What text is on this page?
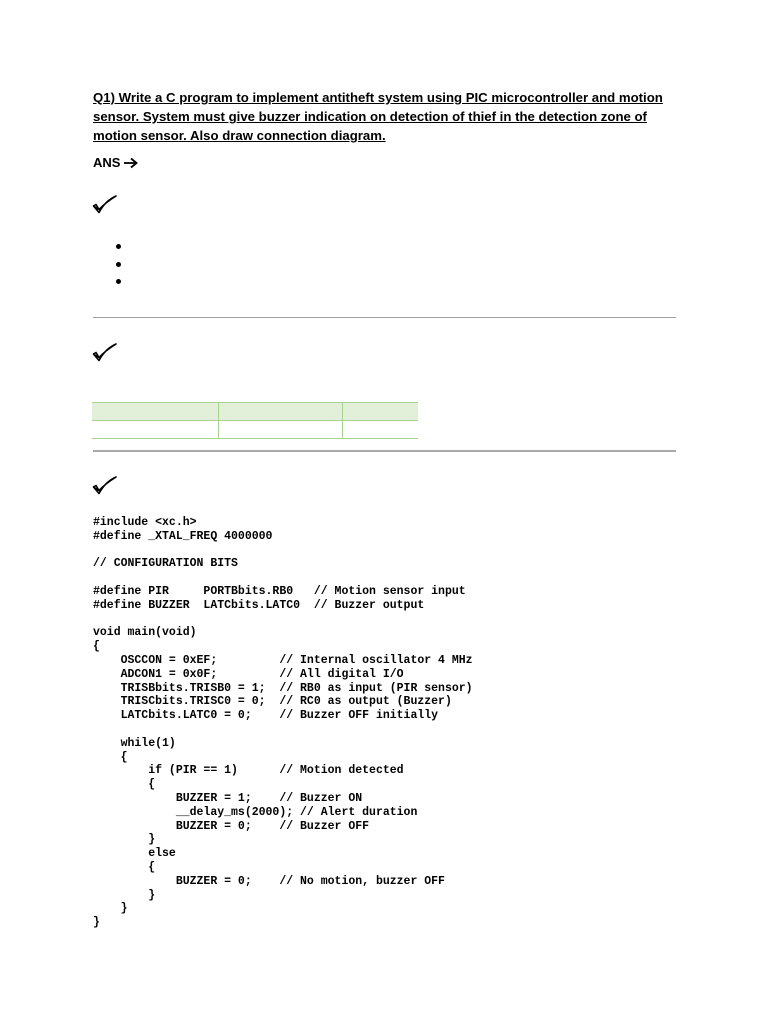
Q1) Write a C program to implement antitheft system using PIC microcontroller and motion sensor. System must give buzzer indication on detection of thief in the detection zone of motion sensor. Also draw connection diagram.
ANS

#include <xc.h>
#define _XTAL_FREQ 4000000
// CONFIGURATION BITS
#define PIR     PORTBbits.RB0   // Motion sensor input
#define BUZZER  LATCbits.LATC0  // Buzzer output
void main(void)
{
OSCCON = 0xEF;         // Internal oscillator 4 MHz
ADCON1 = 0x0F;         // All digital I/O
TRISBbits.TRISB0 = 1;  // RB0 as input (PIR sensor)
TRISCbits.TRISC0 = 0;  // RC0 as output (Buzzer)
LATCbits.LATC0 = 0;    // Buzzer OFF initially
while(1)
{
if (PIR == 1)      // Motion detected
{
BUZZER = 1;    // Buzzer ON
__delay_ms(2000); // Alert duration
BUZZER = 0;    // Buzzer OFF
}
else
{
BUZZER = 0;    // No motion, buzzer OFF
}
}
}
